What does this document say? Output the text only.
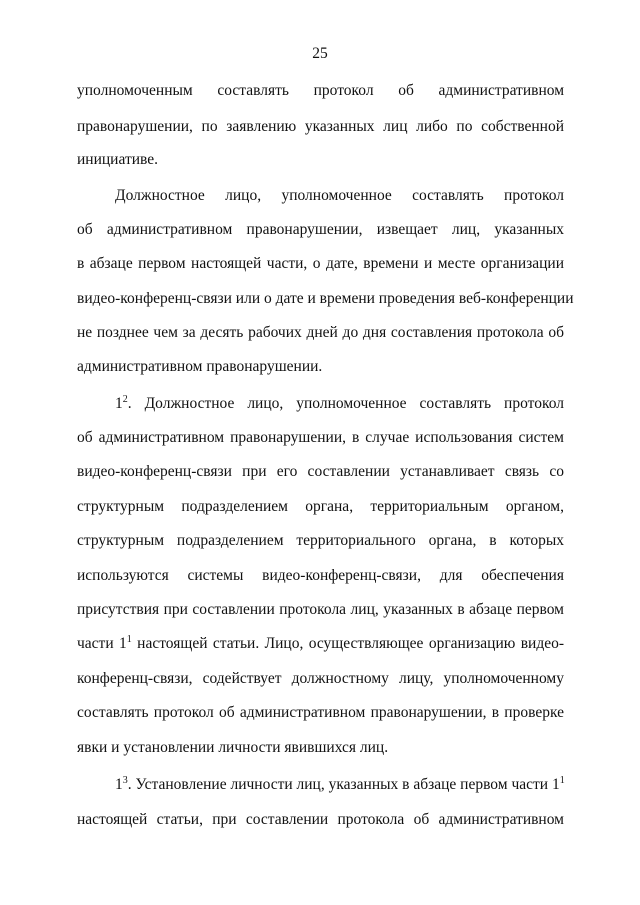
25
уполномоченным составлять протокол об административном
правонарушении, по заявлению указанных лиц либо по собственной
инициативе.
Должностное лицо, уполномоченное составлять протокол
об административном правонарушении, извещает лиц, указанных
в абзаце первом настоящей части, о дате, времени и месте организации
видео-конференц-связи или о дате и времени проведения веб-конференции
не позднее чем за десять рабочих дней до дня составления протокола об
административном правонарушении.
$1^2$. Должностное лицо, уполномоченное составлять протокол
об административном правонарушении, в случае использования систем
видео-конференц-связи при его составлении устанавливает связь со
структурным подразделением органа, территориальным органом,
структурным подразделением территориального органа, в которых
используются системы видео-конференц-связи, для обеспечения
присутствия при составлении протокола лиц, указанных в абзаце первом
части $1^1$ настоящей статьи. Лицо, осуществляющее организацию видео-
конференц-связи, содействует должностному лицу, уполномоченному
составлять протокол об административном правонарушении, в проверке
явки и установлении личности явившихся лиц.
$1^3$. Установление личности лиц, указанных в абзаце первом части $1^1$
настоящей статьи, при составлении протокола об административном
